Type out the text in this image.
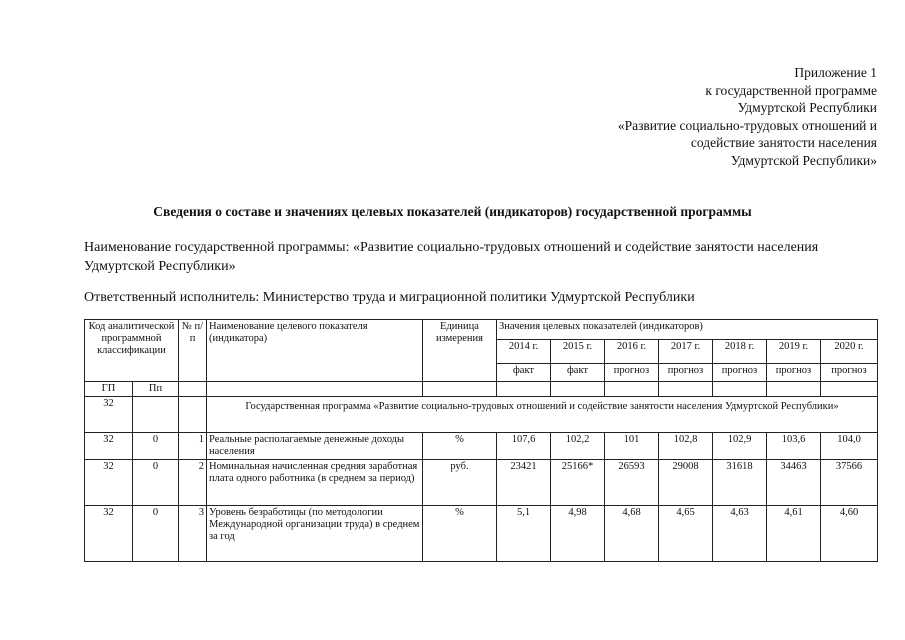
Приложение 1
к государственной программе
Удмуртской Республики
«Развитие социально-трудовых отношений и
содействие занятости населения
Удмуртской Республики»
Сведения о составе и значениях целевых показателей (индикаторов) государственной программы
Наименование государственной программы: «Развитие социально-трудовых отношений и содействие занятости населения Удмуртской Республики»
Ответственный исполнитель: Министерство труда и миграционной политики Удмуртской Республики
Код аналитической программной классификации		№ п/п	Наименование целевого показателя (индикатора)	Единица измерения	Значения целевых показателей (индикаторов)						
					2014 г.	2015 г.	2016 г.	2017 г.	2018 г.	2019 г.	2020 г.
					факт	факт	прогноз	прогноз	прогноз	прогноз	прогноз
ГП	Пп										
32			Государственная программа «Развитие социально-трудовых отношений и содействие занятости населения Удмуртской Республики»								
32	0	1	Реальные располагаемые денежные доходы населения	%	107,6	102,2	101	102,8	102,9	103,6	104,0
32	0	2	Номинальная начисленная средняя заработная плата одного работника (в среднем за период)	руб.	23421	25166*	26593	29008	31618	34463	37566
32	0	3	Уровень безработицы (по методологии Международной организации труда) в среднем за год	%	5,1	4,98	4,68	4,65	4,63	4,61	4,60
